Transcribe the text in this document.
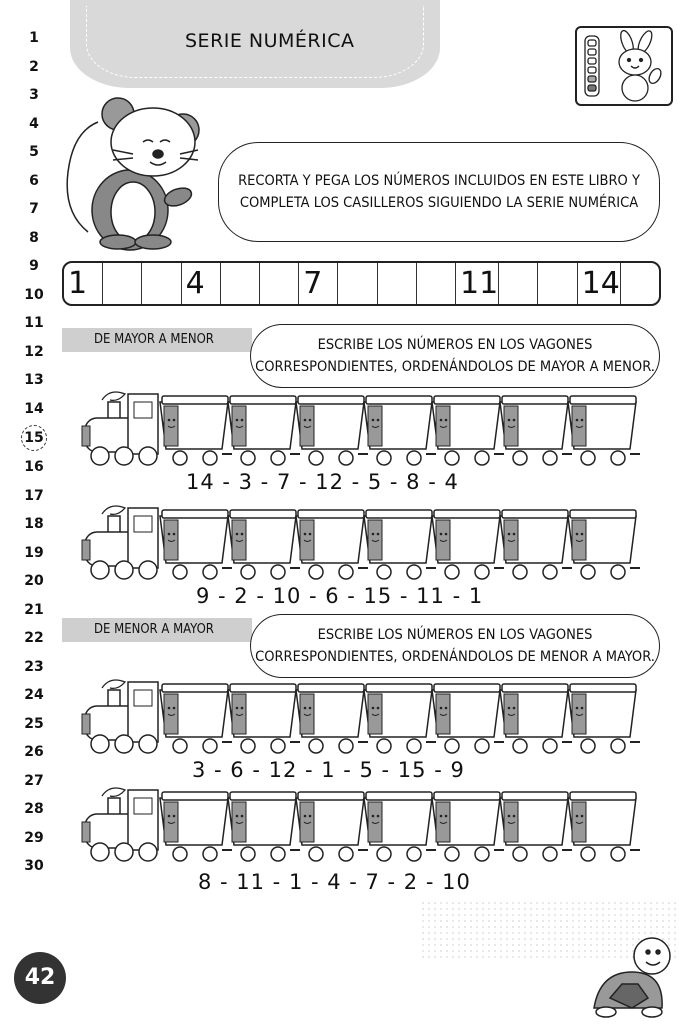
1
2
3
4
5
6
7
8
9
10
11
12
13
14
15
16
17
18
19
20
21
22
23
24
25
26
27
28
29
30
SERIE NUMÉRICA
RECORTA Y PEGA LOS NÚMEROS INCLUIDOS EN ESTE LIBRO Y
COMPLETA LOS CASILLEROS SIGUIENDO LA SERIE NUMÉRICA
1	4	7	11	14
DE MAYOR A MENOR	ESCRIBE LOS NÚMEROS EN LOS VAGONES
CORRESPONDIENTES, ORDENÁNDOLOS DE MAYOR A MENOR.
14 - 3 - 7 - 12 - 5 - 8 - 4
9 - 2 - 10 - 6 - 15 - 11 - 1
DE MENOR A MAYOR	ESCRIBE LOS NÚMEROS EN LOS VAGONES
CORRESPONDIENTES, ORDENÁNDOLOS DE MENOR A MAYOR.
3 - 6 - 12 - 1 - 5 - 15 - 9
8 - 11 - 1 - 4 - 7 - 2 - 10
42
